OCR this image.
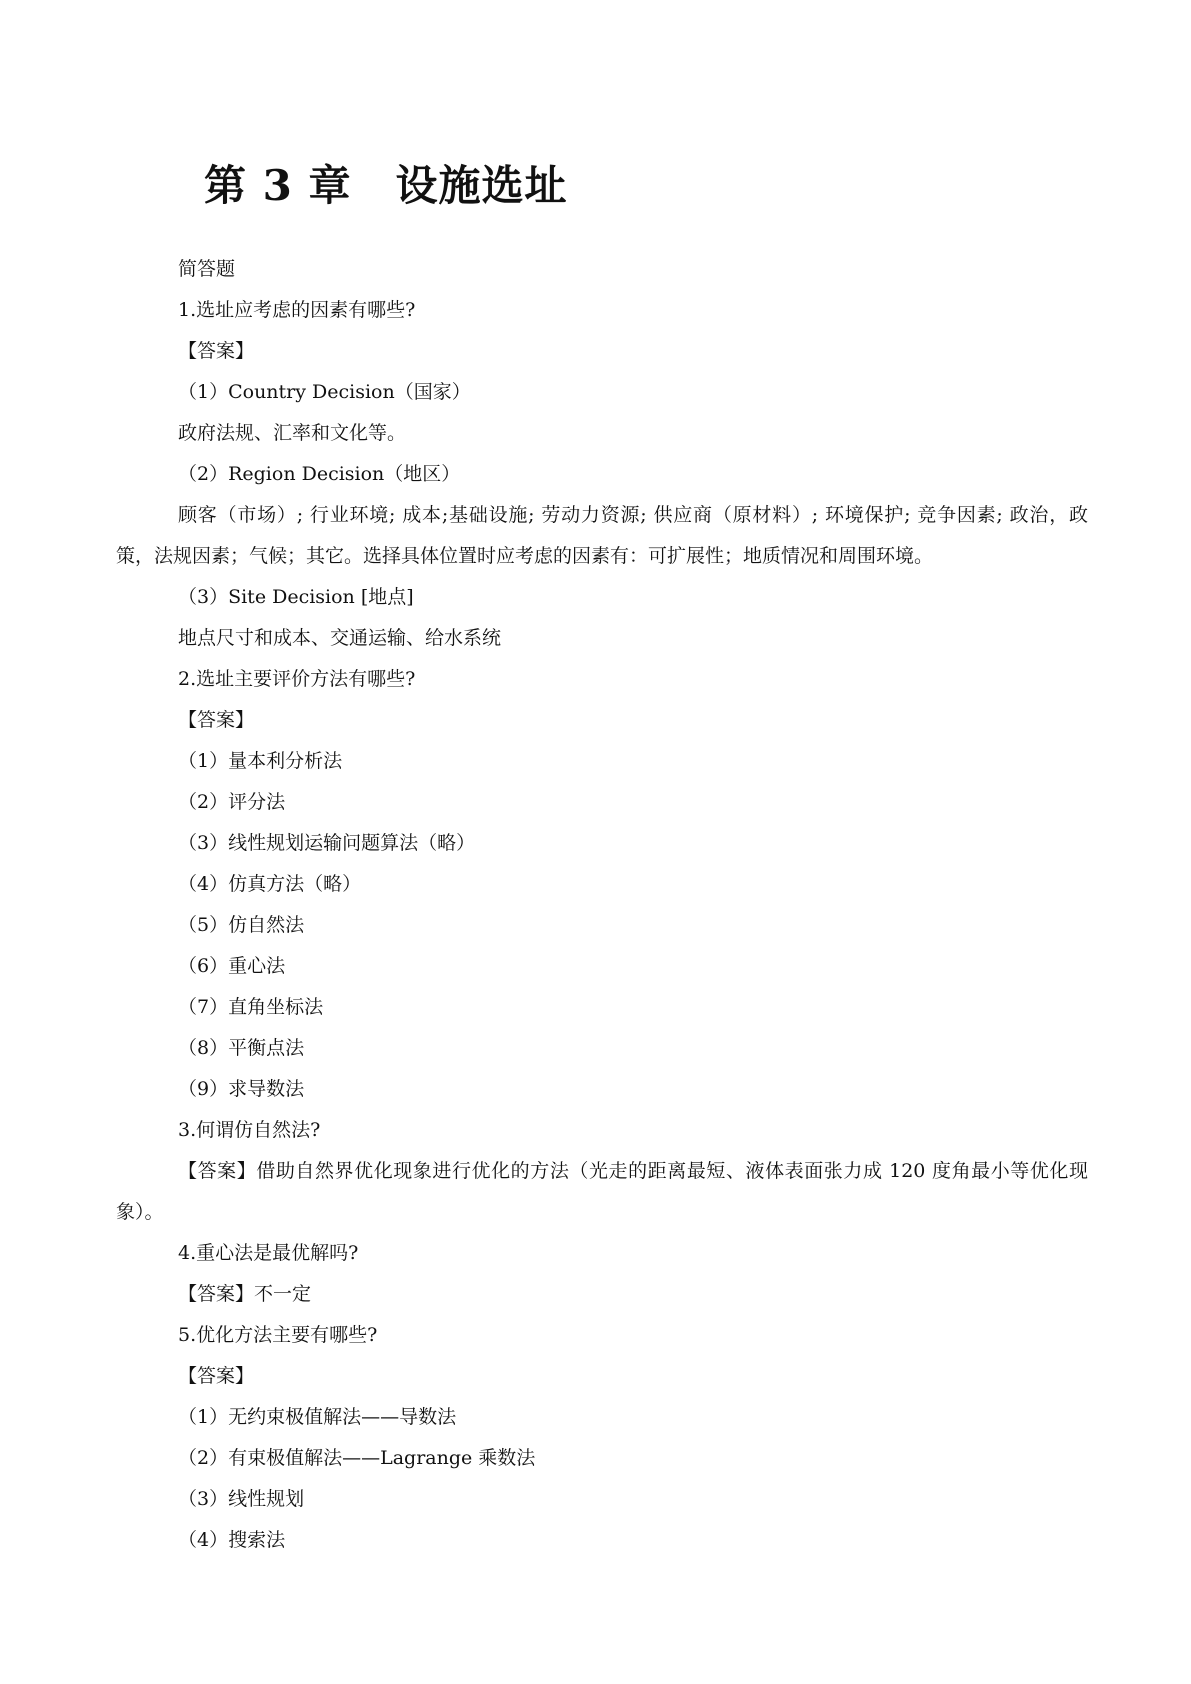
第 3 章 设施选址
简答题
1.选址应考虑的因素有哪些?
【答案】
（1）Country Decision（国家）
政府法规、汇率和文化等。
（2）Region Decision（地区）

顾客（市场）; 行业环境; 成本;基础设施; 劳动力资源; 供应商（原材料）; 环境保护; 竞争因素; 政治，政策，法规因素；气候；其它。选择具体位置时应考虑的因素有：可扩展性；地质情况和周围环境。

（3）Site Decision [地点]
地点尺寸和成本、交通运输、给水系统
2.选址主要评价方法有哪些?
【答案】
（1）量本利分析法
（2）评分法
（3）线性规划运输问题算法（略）
（4）仿真方法（略）
（5）仿自然法
（6）重心法
（7）直角坐标法
（8）平衡点法
（9）求导数法
3.何谓仿自然法?

【答案】借助自然界优化现象进行优化的方法（光走的距离最短、液体表面张力成 120 度角最小等优化现象）。

4.重心法是最优解吗?
【答案】不一定
5.优化方法主要有哪些?
【答案】
（1）无约束极值解法——导数法
（2）有束极值解法——Lagrange 乘数法
（3）线性规划
（4）搜索法
